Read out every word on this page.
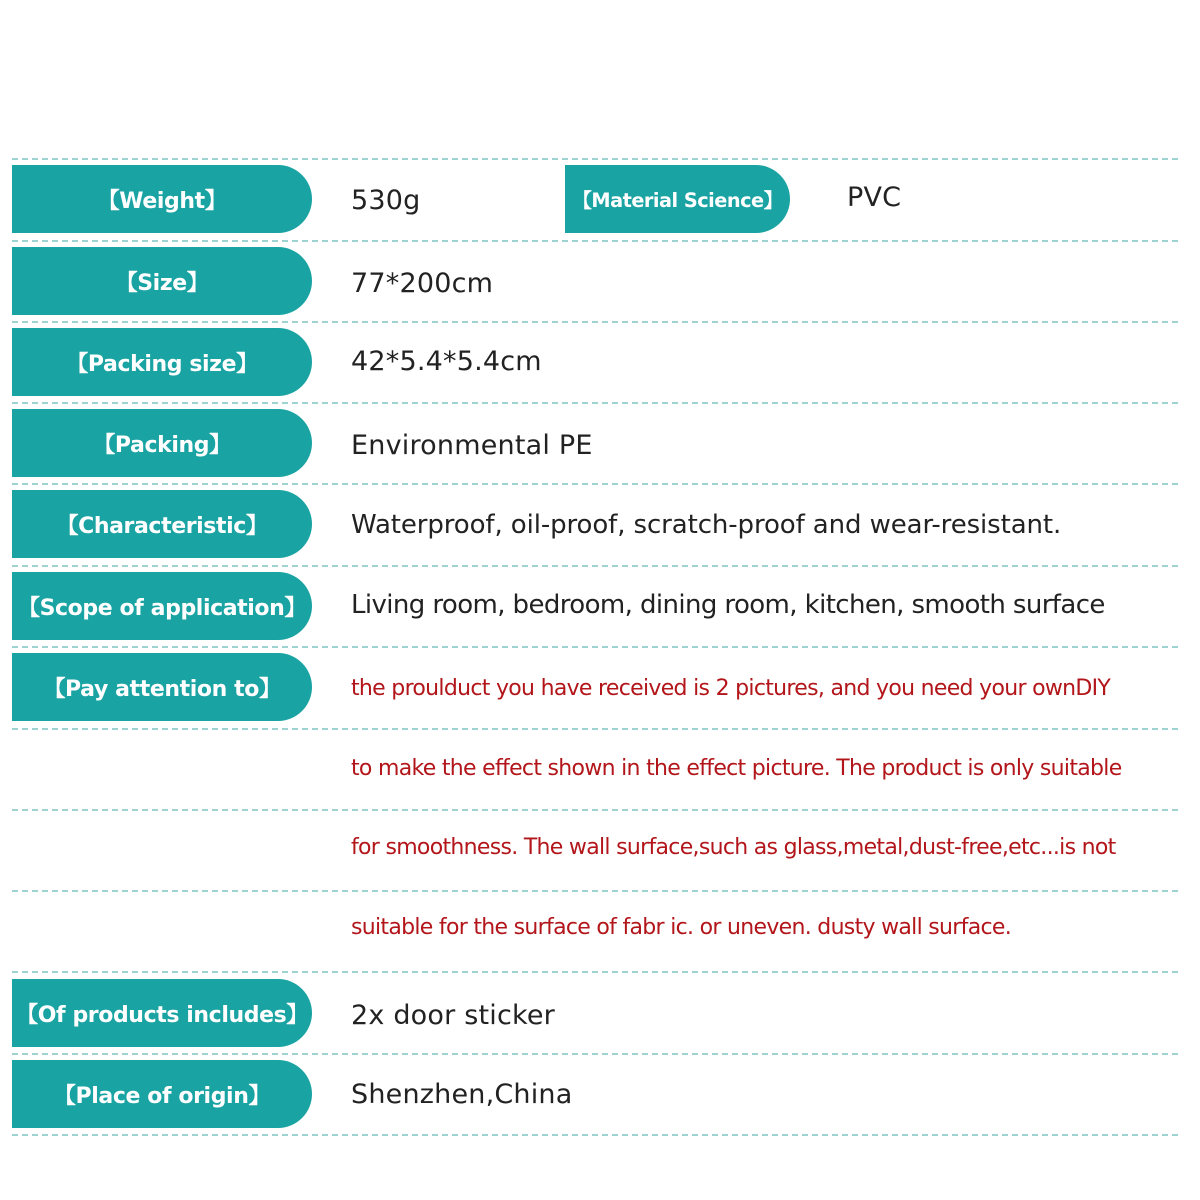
【Weight】	530g	【Material Science】 PVC
【Size】	77*200cm
【Packing size】	42*5.4*5.4cm
【Packing】	Environmental PE
【Characteristic】	Waterproof, oil-proof, scratch-proof and wear-resistant.
【Scope of application】 Living room, bedroom, dining room, kitchen, smooth surface
【Pay attention to】	the proulduct you have received is 2 pictures, and you need your ownDIY
to make the effect shown in the effect picture. The product is only suitable
for smoothness. The wall surface,such as glass,metal,dust-free,etc...is not
suitable for the surface of fabr ic. or uneven. dusty wall surface.
【Of products includes】 2x door sticker
【Place of origin】	Shenzhen,China
